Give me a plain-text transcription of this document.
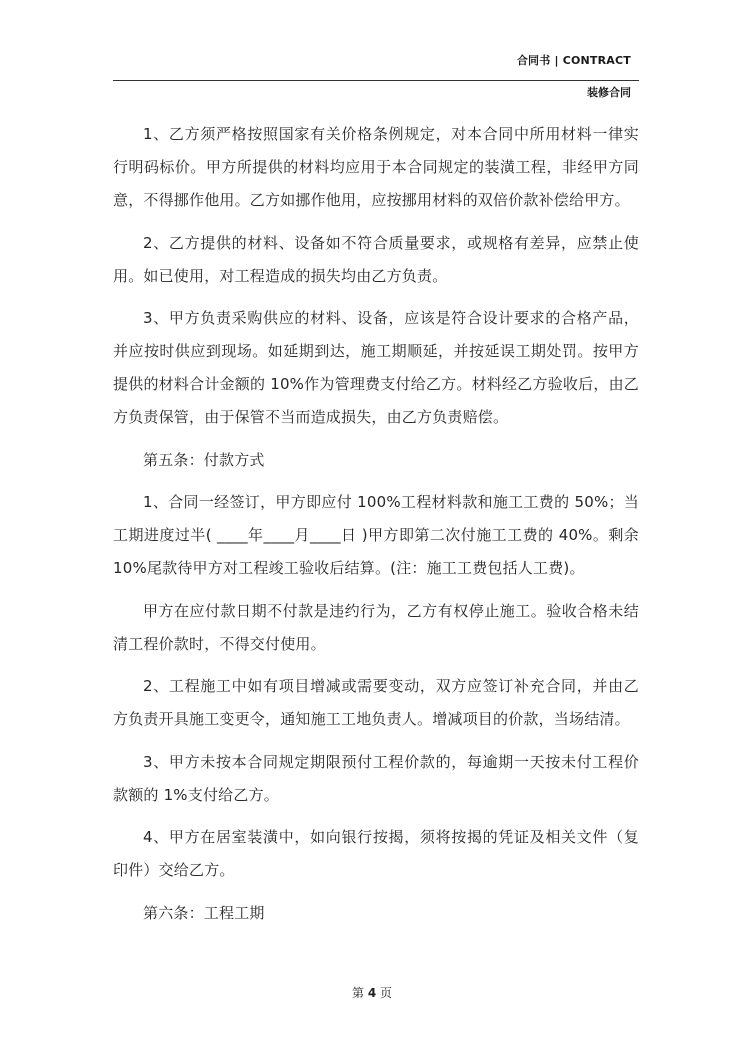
合同书 | CONTRACT
装修合同

1、乙方须严格按照国家有关价格条例规定，对本合同中所用材料一律实行明码标价。甲方所提供的材料均应用于本合同规定的装潢工程，非经甲方同意，不得挪作他用。乙方如挪作他用，应按挪用材料的双倍价款补偿给甲方。

2、乙方提供的材料、设备如不符合质量要求，或规格有差异，应禁止使用。如已使用，对工程造成的损失均由乙方负责。

3、甲方负责采购供应的材料、设备，应该是符合设计要求的合格产品，并应按时供应到现场。如延期到达，施工期顺延，并按延误工期处罚。按甲方提供的材料合计金额的 10%作为管理费支付给乙方。材料经乙方验收后，由乙方负责保管，由于保管不当而造成损失，由乙方负责赔偿。

第五条：付款方式

1、合同一经签订，甲方即应付 100%工程材料款和施工工费的 50%；当工期进度过半( ____年____月____日 )甲方即第二次付施工工费的 40%。剩余 10%尾款待甲方对工程竣工验收后结算。(注：施工工费包括人工费)。

甲方在应付款日期不付款是违约行为，乙方有权停止施工。验收合格未结清工程价款时，不得交付使用。

2、工程施工中如有项目增减或需要变动，双方应签订补充合同，并由乙方负责开具施工变更令，通知施工工地负责人。增减项目的价款，当场结清。

3、甲方未按本合同规定期限预付工程价款的，每逾期一天按未付工程价款额的 1%支付给乙方。

4、甲方在居室装潢中，如向银行按揭，须将按揭的凭证及相关文件（复印件）交给乙方。

第六条：工程工期

第 4 页
